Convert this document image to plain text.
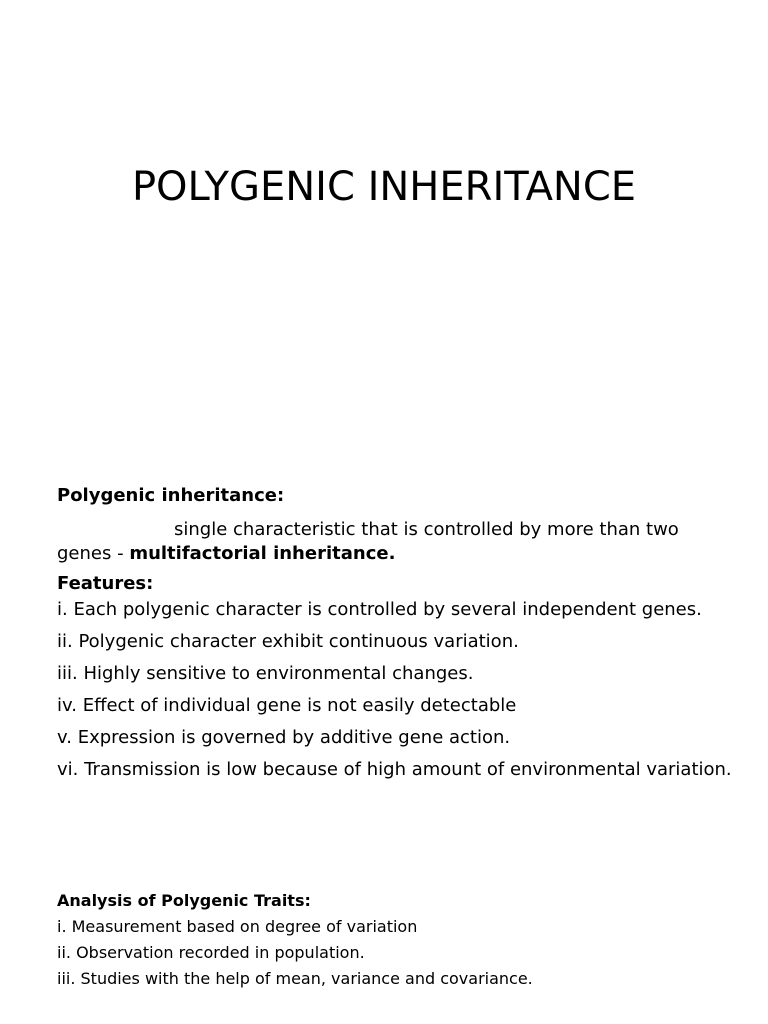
POLYGENIC INHERITANCE

Polygenic inheritance:

single characteristic that is controlled by more than two genes - multifactorial inheritance.

Features:

i. Each polygenic character is controlled by several independent genes.
ii. Polygenic character exhibit continuous variation.
iii. Highly sensitive to environmental changes.
iv. Effect of individual gene is not easily detectable
v. Expression is governed by additive gene action.
vi. Transmission is low because of high amount of environmental variation.

Analysis of Polygenic Traits:

i. Measurement based on degree of variation
ii. Observation recorded in population.
iii. Studies with the help of mean, variance and covariance.
